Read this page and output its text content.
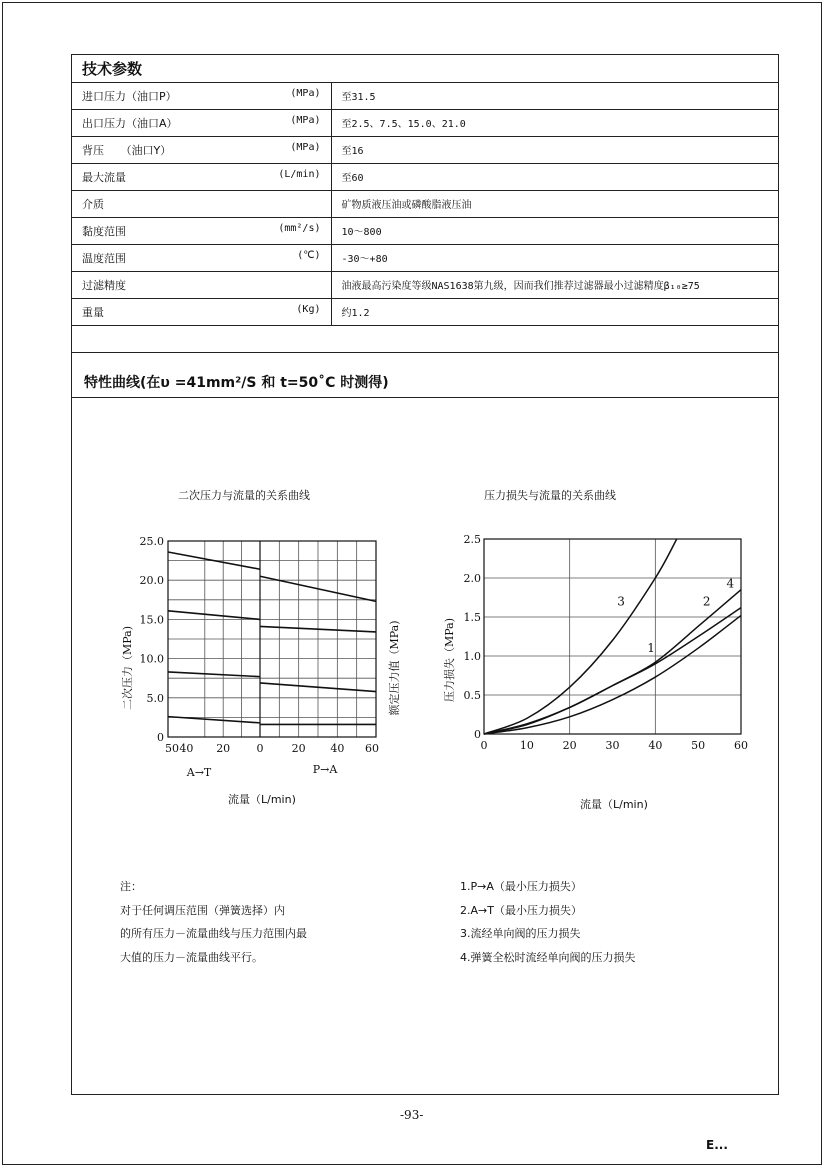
技术参数	

进口压力（油口P） (MPa)	至31.5

出口压力（油口A） (MPa)	至2.5、7.5、15.0、21.0

背压　　（油口Y） (MPa)	至16

最大流量 (L/min)	至60

介质	矿物质液压油或磷酸脂液压油

黏度范围 (mm²/s)	10～800

温度范围 (℃)	-30～+80

过滤精度	油液最高污染度等级NAS1638第九级，因而我们推荐过滤器最小过滤精度β₁₀≥75

重量 (Kg)	约1.2

特性曲线(在υ =41mm²/S 和 t=50˚C 时测得)
二次压力与流量的关系曲线	压力损失与流量的关系曲线
0
5.0
10.0
15.0
20.0
25.0
50 40 20 0	20 40 60
A→T	P→A
二次压力（MPa)	额定压力值（MPa)	1
2
3
4
0
0.5
1.0
1.5
2.0
2.5
0	10	20	30	40	50	60
压力损失（MPa)
流量（L/min)	流量（L/min)
注：
对于任何调压范围（弹簧选择）内
的所有压力－流量曲线与压力范围内最
大值的压力－流量曲线平行。
1.P→A（最小压力损失）
2.A→T（最小压力损失）
3.流经单向阀的压力损失
4.弹簧全松时流经单向阀的压力损失
-93-
E...
